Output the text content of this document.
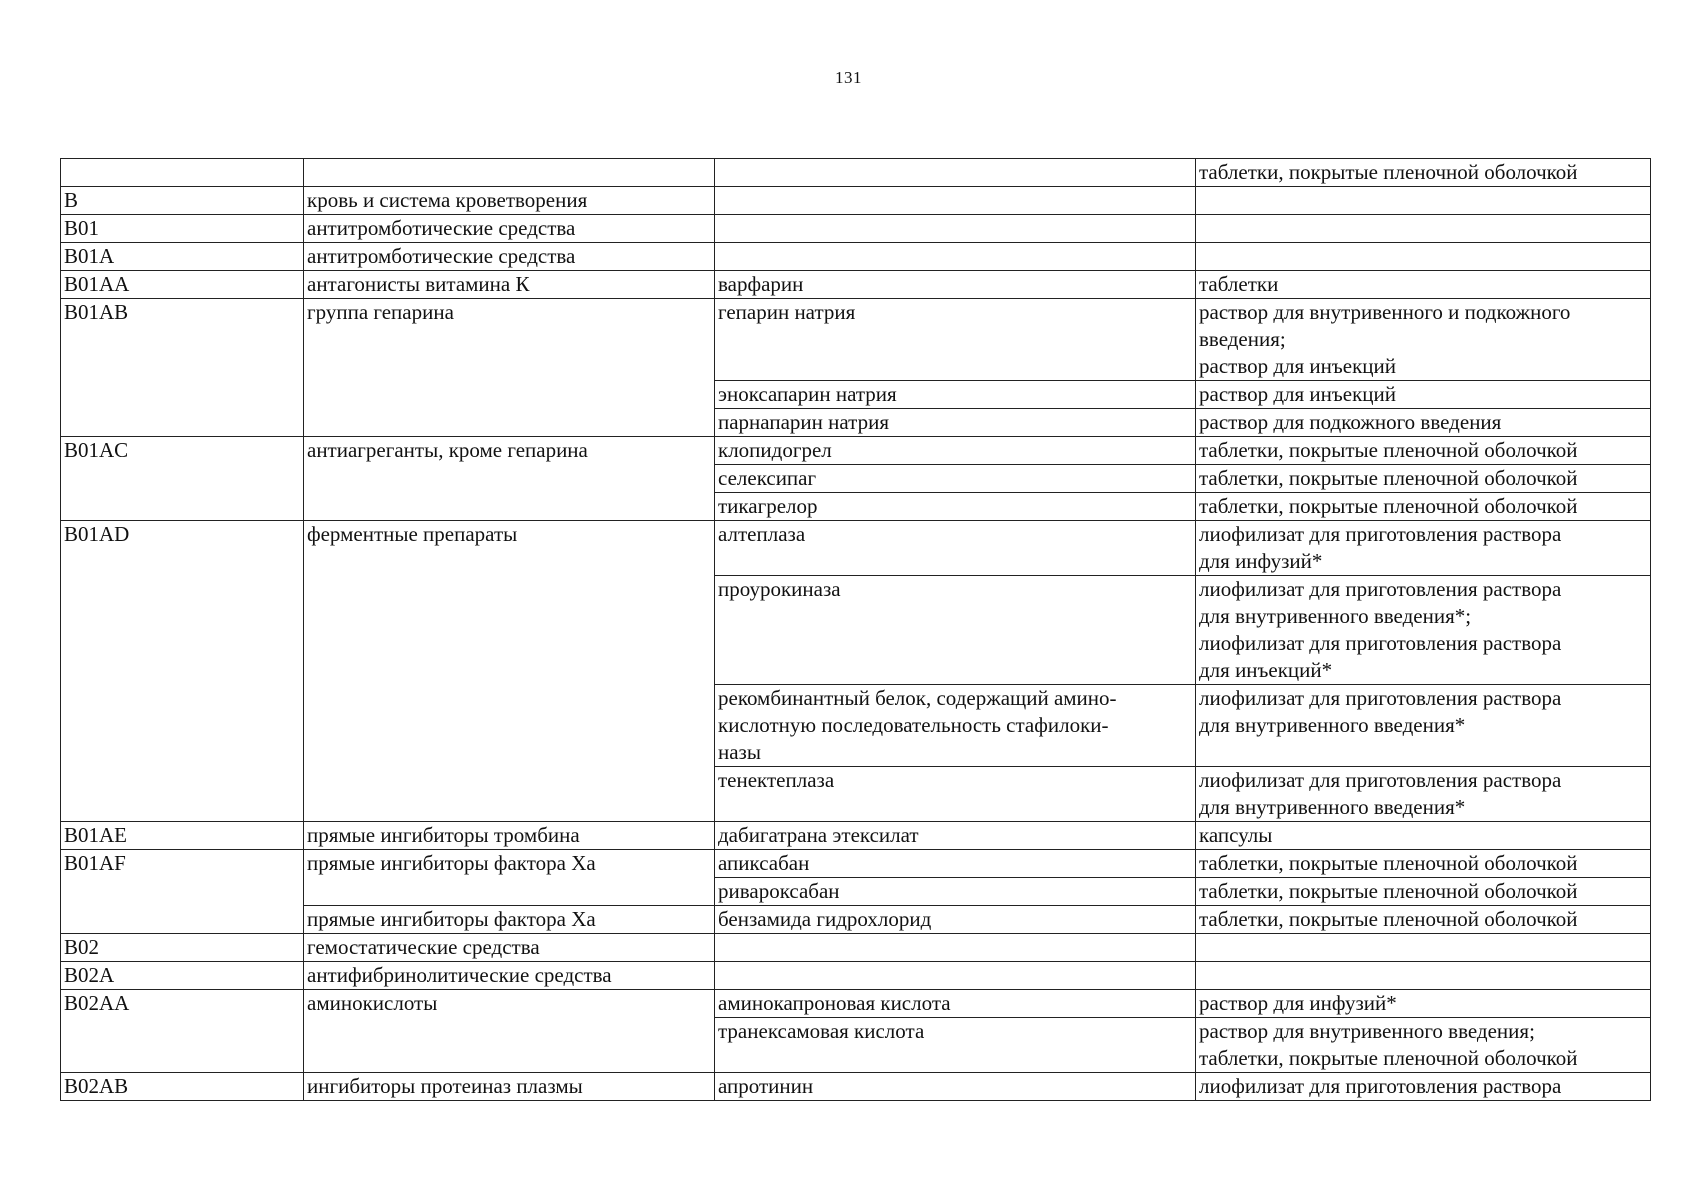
131

			таблетки, покрытые пленочной оболочкой

B	кровь и система кроветворения		

B01	антитромботические средства		

B01A	антитромботические средства		

B01AA	антагонисты витамина К	варфарин	таблетки

B01AB	группа гепарина	гепарин натрия	раствор для внутривенного и подкожного
введения;
раствор для инъекций

		эноксапарин натрия	раствор для инъекций

		парнапарин натрия	раствор для подкожного введения

B01AC	антиагреганты, кроме гепарина	клопидогрел	таблетки, покрытые пленочной оболочкой

		селексипаг	таблетки, покрытые пленочной оболочкой

		тикагрелор	таблетки, покрытые пленочной оболочкой

B01AD	ферментные препараты	алтеплаза	лиофилизат для приготовления раствора
для инфузий*

		проурокиназа	лиофилизат для приготовления раствора
для внутривенного введения*;
лиофилизат для приготовления раствора
для инъекций*

		рекомбинантный белок, содержащий амино-
кислотную последовательность стафилоки-
назы	лиофилизат для приготовления раствора
для внутривенного введения*

		тенектеплаза	лиофилизат для приготовления раствора
для внутривенного введения*

B01AE	прямые ингибиторы тромбина	дабигатрана этексилат	капсулы

B01AF	прямые ингибиторы фактора Ха	апиксабан	таблетки, покрытые пленочной оболочкой

		ривароксабан	таблетки, покрытые пленочной оболочкой

	прямые ингибиторы фактора Ха	бензамида гидрохлорид	таблетки, покрытые пленочной оболочкой

B02	гемостатические средства		

B02A	антифибринолитические средства		

B02AA	аминокислоты	аминокапроновая кислота	раствор для инфузий*

		транексамовая кислота	раствор для внутривенного введения;
таблетки, покрытые пленочной оболочкой

B02AB	ингибиторы протеиназ плазмы	апротинин	лиофилизат для приготовления раствора
